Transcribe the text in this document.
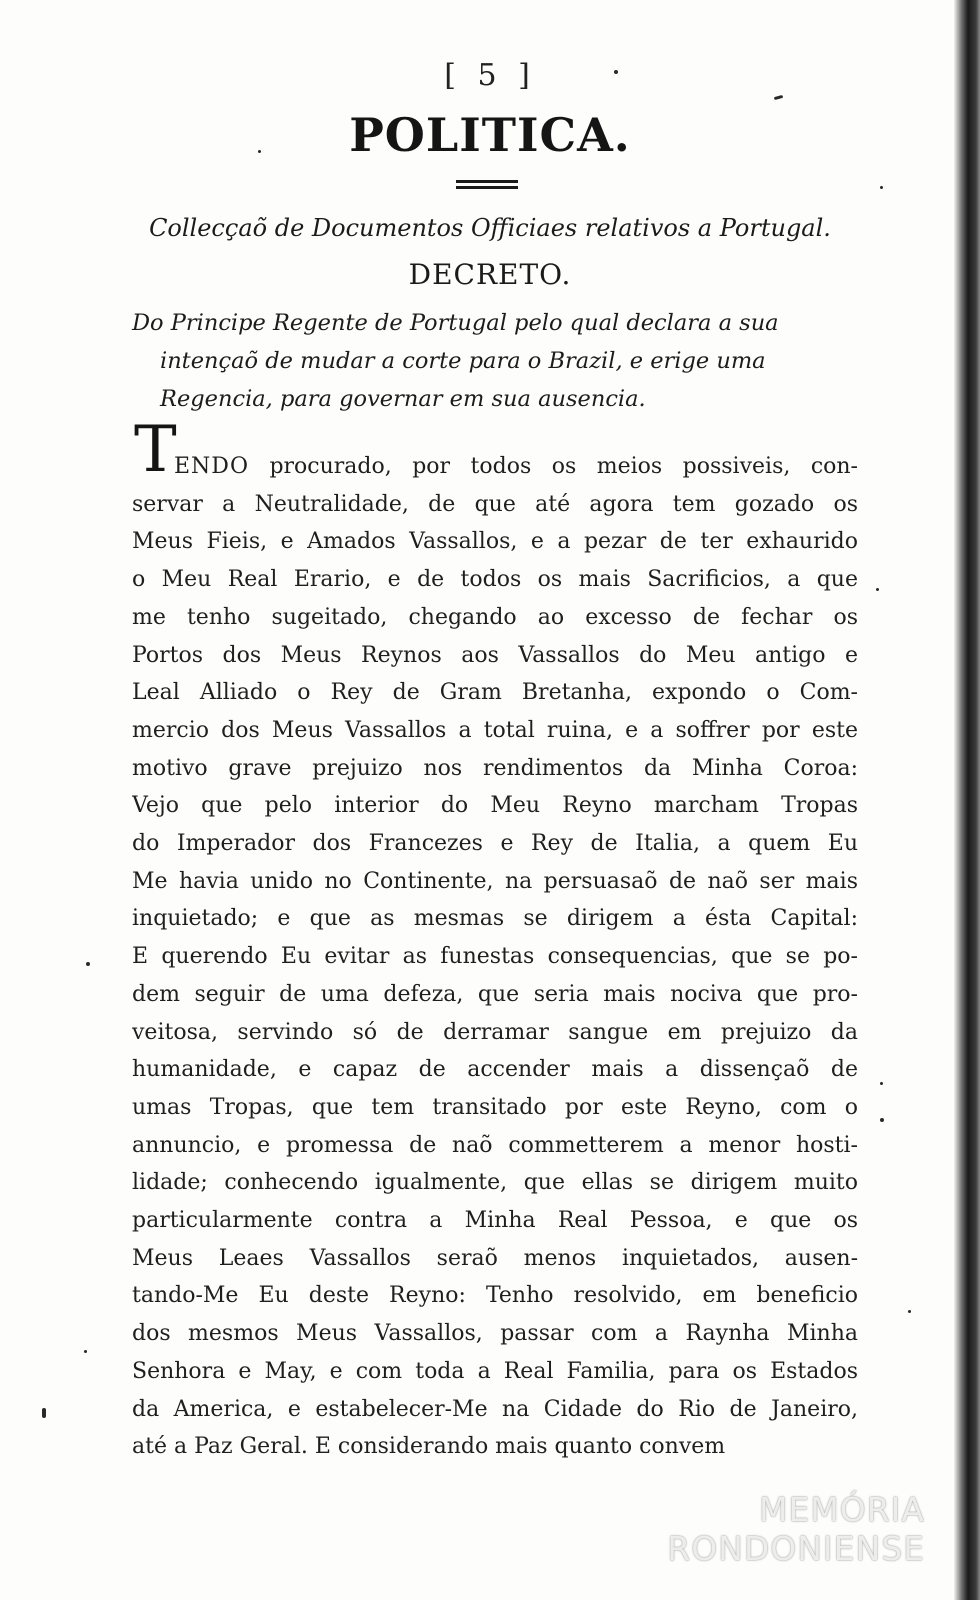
[ 5 ]
POLITICA.
Collecçaõ de Documentos Officiaes relativos a Portugal.
DECRETO.
Do Principe Regente de Portugal pelo qual declara a sua
intençaõ de mudar a corte para o Brazil, e erige uma
Regencia, para governar em sua ausencia.
T
ENDO procurado, por todos os meios possiveis, con-
servar a Neutralidade, de que até agora tem gozado os
Meus Fieis, e Amados Vassallos, e a pezar de ter exhaurido
o Meu Real Erario, e de todos os mais Sacrificios, a que
me tenho sugeitado, chegando ao excesso de fechar os
Portos dos Meus Reynos aos Vassallos do Meu antigo e
Leal Alliado o Rey de Gram Bretanha, expondo o Com-
mercio dos Meus Vassallos a total ruina, e a soffrer por este
motivo grave prejuizo nos rendimentos da Minha Coroa:
Vejo que pelo interior do Meu Reyno marcham Tropas
do Imperador dos Francezes e Rey de Italia, a quem Eu
Me havia unido no Continente, na persuasaõ de naõ ser mais
inquietado; e que as mesmas se dirigem a ésta Capital:
E querendo Eu evitar as funestas consequencias, que se po-
dem seguir de uma defeza, que seria mais nociva que pro-
veitosa, servindo só de derramar sangue em prejuizo da
humanidade, e capaz de accender mais a dissençaõ de
umas Tropas, que tem transitado por este Reyno, com o
annuncio, e promessa de naõ commetterem a menor hosti-
lidade; conhecendo igualmente, que ellas se dirigem muito
particularmente contra a Minha Real Pessoa, e que os
Meus Leaes Vassallos seraõ menos inquietados, ausen-
tando-Me Eu deste Reyno: Tenho resolvido, em beneficio
dos mesmos Meus Vassallos, passar com a Raynha Minha
Senhora e May, e com toda a Real Familia, para os Estados
da America, e estabelecer-Me na Cidade do Rio de Janeiro,
até a Paz Geral. E considerando mais quanto convem
MEMÓRIA RONDONIENSE
